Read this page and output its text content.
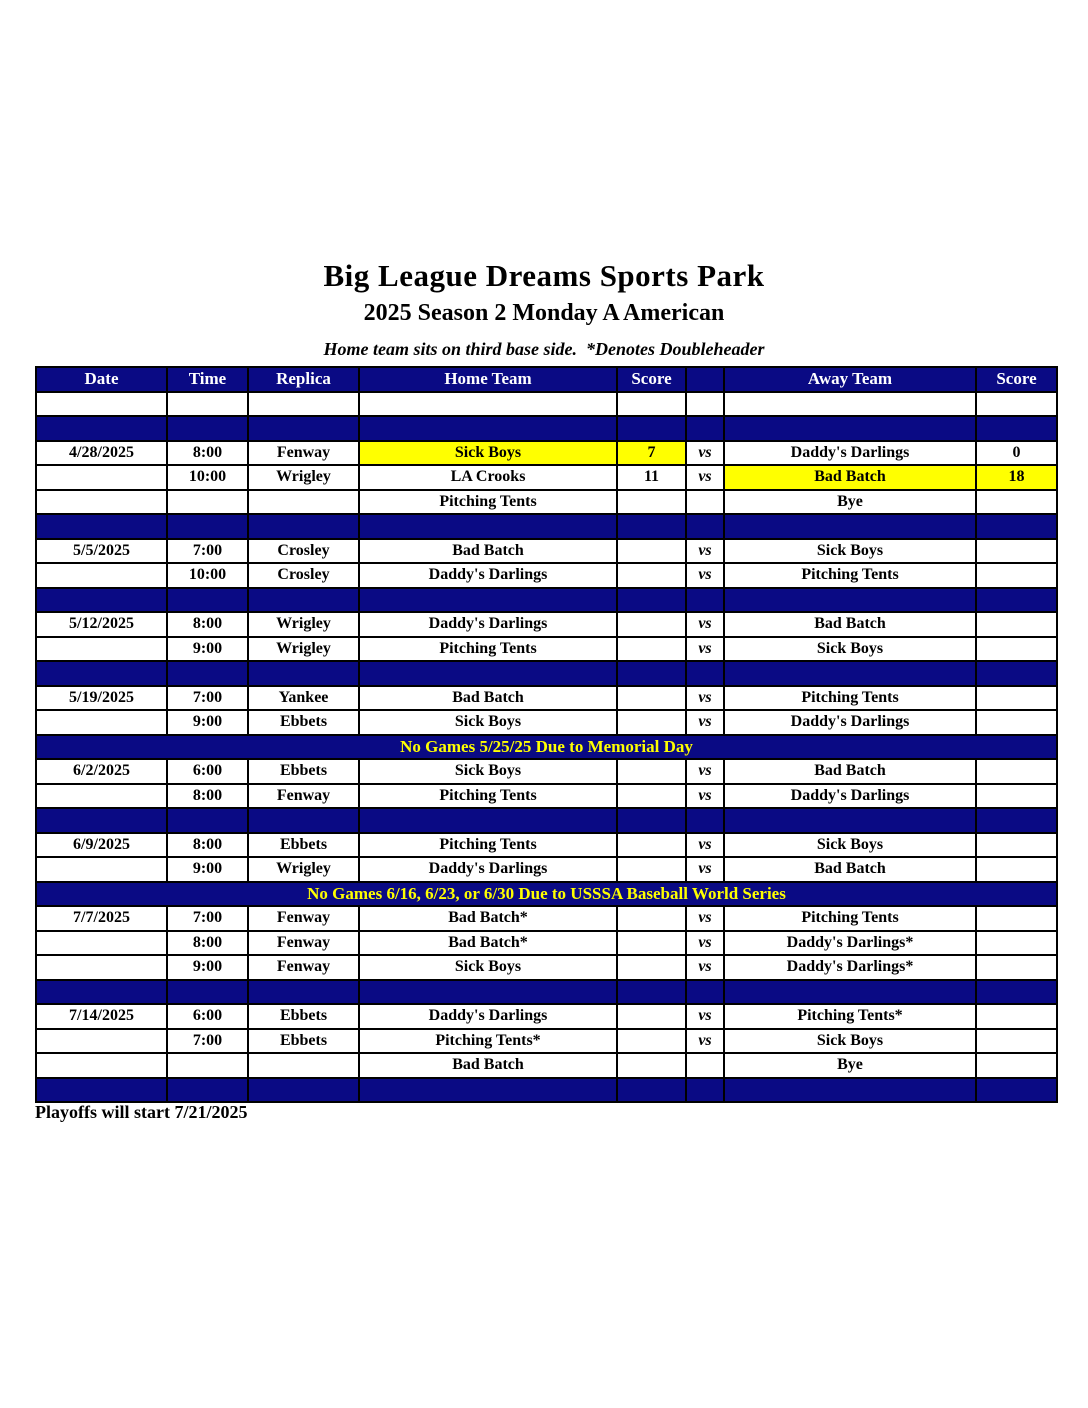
Big League Dreams Sports Park
2025 Season 2 Monday A American
Home team sits on third base side.  *Denotes Doubleheader
Date	Time	Replica	Home Team	Score		Away Team	Score

4/28/2025	8:00	Fenway	Sick Boys	7	vs	Daddy's Darlings	0
	10:00	Wrigley	LA Crooks	11	vs	Bad Batch	18
			Pitching Tents			Bye	

5/5/2025	7:00	Crosley	Bad Batch		vs	Sick Boys	
	10:00	Crosley	Daddy's Darlings		vs	Pitching Tents	

5/12/2025	8:00	Wrigley	Daddy's Darlings		vs	Bad Batch	
	9:00	Wrigley	Pitching Tents		vs	Sick Boys	

5/19/2025	7:00	Yankee	Bad Batch		vs	Pitching Tents	
	9:00	Ebbets	Sick Boys		vs	Daddy's Darlings	
No Games 5/25/25 Due to Memorial Day							
6/2/2025	6:00	Ebbets	Sick Boys		vs	Bad Batch	
	8:00	Fenway	Pitching Tents		vs	Daddy's Darlings	

6/9/2025	8:00	Ebbets	Pitching Tents		vs	Sick Boys	
	9:00	Wrigley	Daddy's Darlings		vs	Bad Batch	
No Games 6/16, 6/23, or 6/30 Due to USSSA Baseball World Series							
7/7/2025	7:00	Fenway	Bad Batch*		vs	Pitching Tents	
	8:00	Fenway	Bad Batch*		vs	Daddy's Darlings*	
	9:00	Fenway	Sick Boys		vs	Daddy's Darlings*	

7/14/2025	6:00	Ebbets	Daddy's Darlings		vs	Pitching Tents*	
	7:00	Ebbets	Pitching Tents*		vs	Sick Boys	
			Bad Batch			Bye	

Playoffs will start 7/21/2025
